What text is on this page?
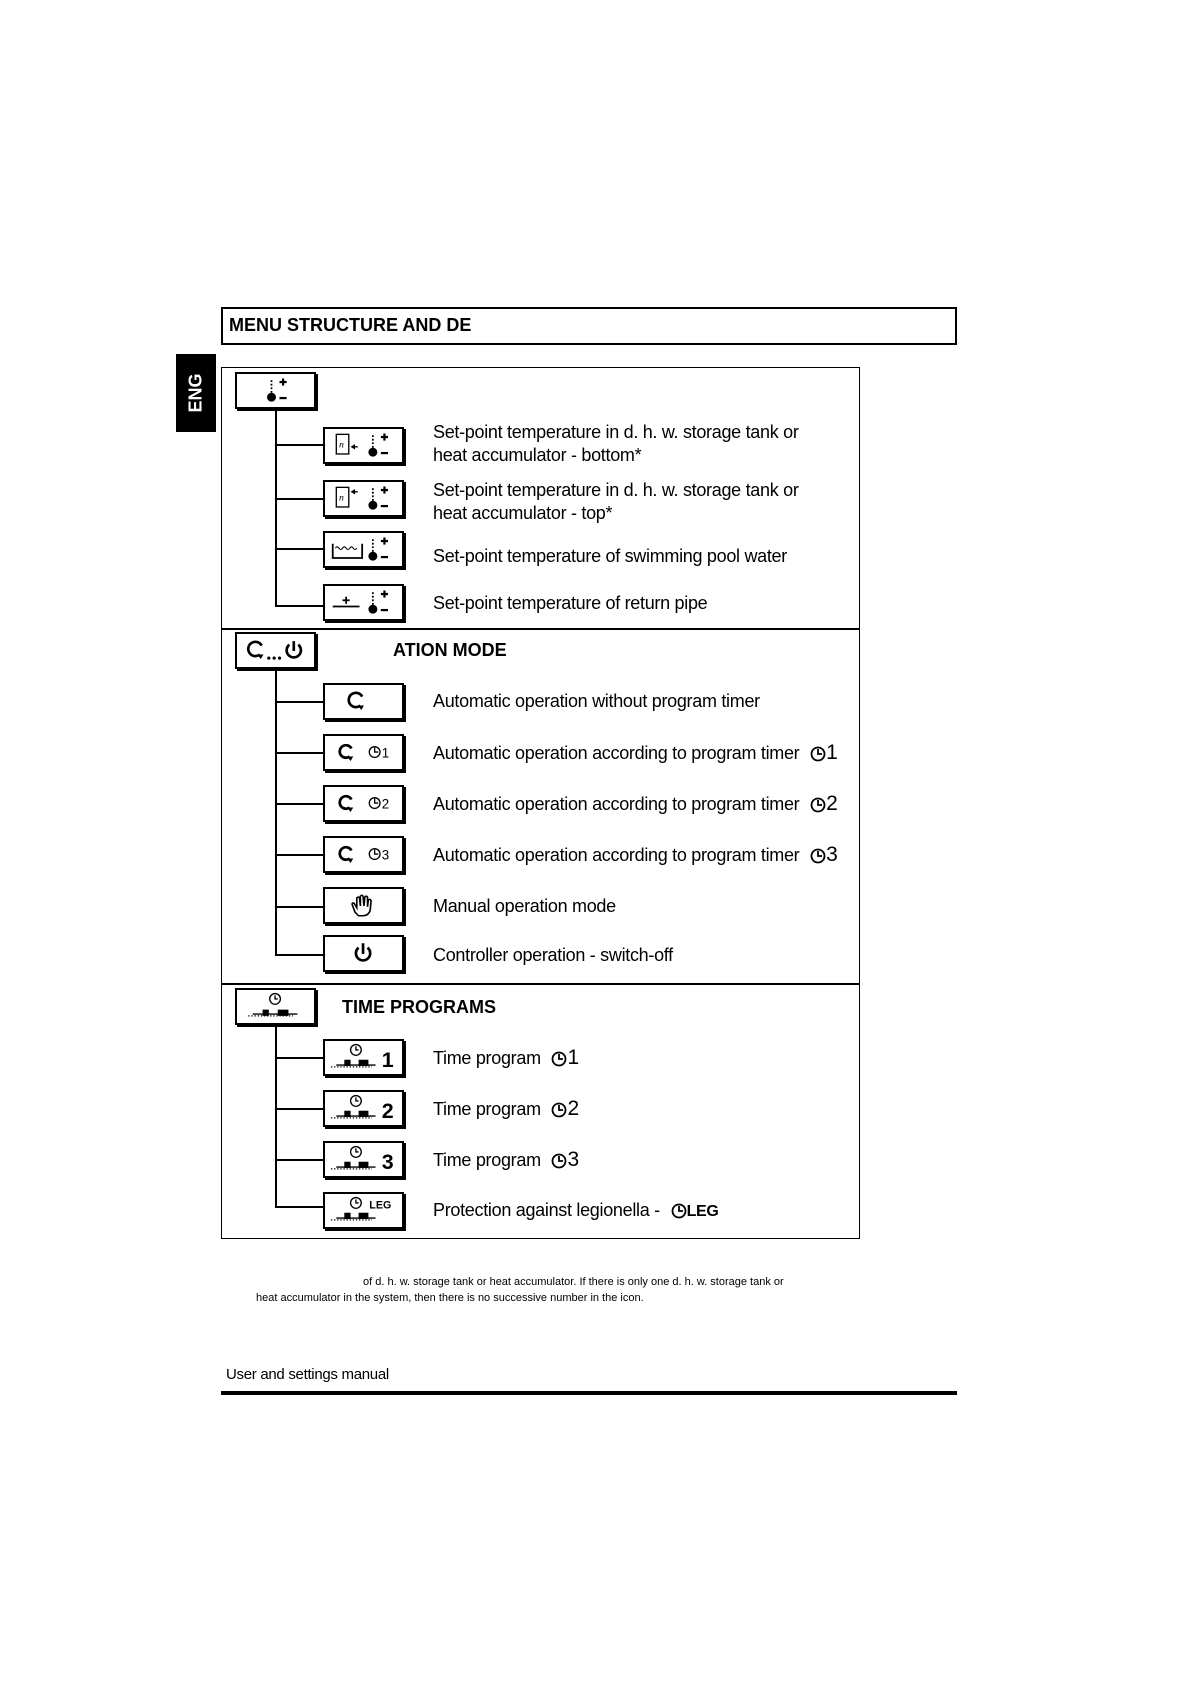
MENU STRUCTURE AND DE
ENG
n
Set-point temperature in d. h. w. storage tank or
heat accumulator - bottom*
n	Set-point temperature in d. h. w. storage tank or
heat accumulator - top*
Set-point temperature of swimming pool water
Set-point temperature of return pipe
ATION MODE
Automatic operation without program timer
1 Automatic operation according to program timer 1
2 Automatic operation according to program timer 2
3 Automatic operation according to program timer 3
Manual operation mode
Controller operation - switch-off
TIME PROGRAMS
1 Time program 1
2 Time program 2
3 Time program 3
LEG Protection against legionella - LEG
of d. h. w. storage tank or heat accumulator. If there is only one d. h. w. storage tank or
heat accumulator in the system, then there is no successive number in the icon.
User and settings manual
